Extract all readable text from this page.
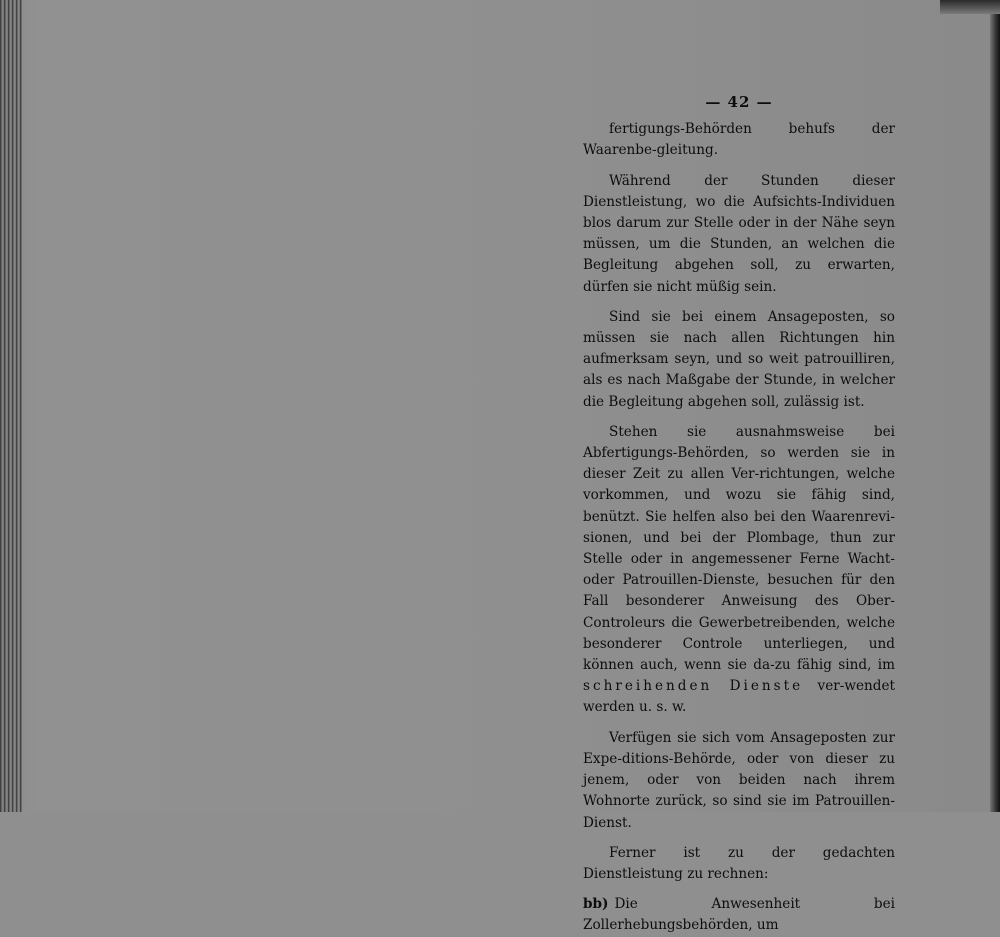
— 42 —

fertigungs-Behörden behufs der Waarenbe-gleitung.

Während der Stunden dieser Dienstleistung, wo die Aufsichts-Individuen blos darum zur Stelle oder in der Nähe seyn müssen, um die Stunden, an welchen die Begleitung abgehen soll, zu erwarten, dürfen sie nicht müßig sein.

Sind sie bei einem Ansageposten, so müssen sie nach allen Richtungen hin aufmerksam seyn, und so weit patrouilliren, als es nach Maßgabe der Stunde, in welcher die Begleitung abgehen soll, zulässig ist.

Stehen sie ausnahmsweise bei Abfertigungs-Behörden, so werden sie in dieser Zeit zu allen Ver-richtungen, welche vorkommen, und wozu sie fähig sind, benützt. Sie helfen also bei den Waarenrevi-sionen, und bei der Plombage, thun zur Stelle oder in angemessener Ferne Wacht- oder Patrouillen-Dienste, besuchen für den Fall besonderer Anweisung des Ober-Controleurs die Gewerbetreibenden, welche besonderer Controle unterliegen, und können auch, wenn sie da-zu fähig sind, im schreihenden Dienste ver-wendet werden u. s. w.

Verfügen sie sich vom Ansageposten zur Expe-ditions-Behörde, oder von dieser zu jenem, oder von beiden nach ihrem Wohnorte zurück, so sind sie im Patrouillen-Dienst.

Ferner ist zu der gedachten Dienstleistung zu rechnen:

bb) Die Anwesenheit bei Zollerhebungsbehörden, um
